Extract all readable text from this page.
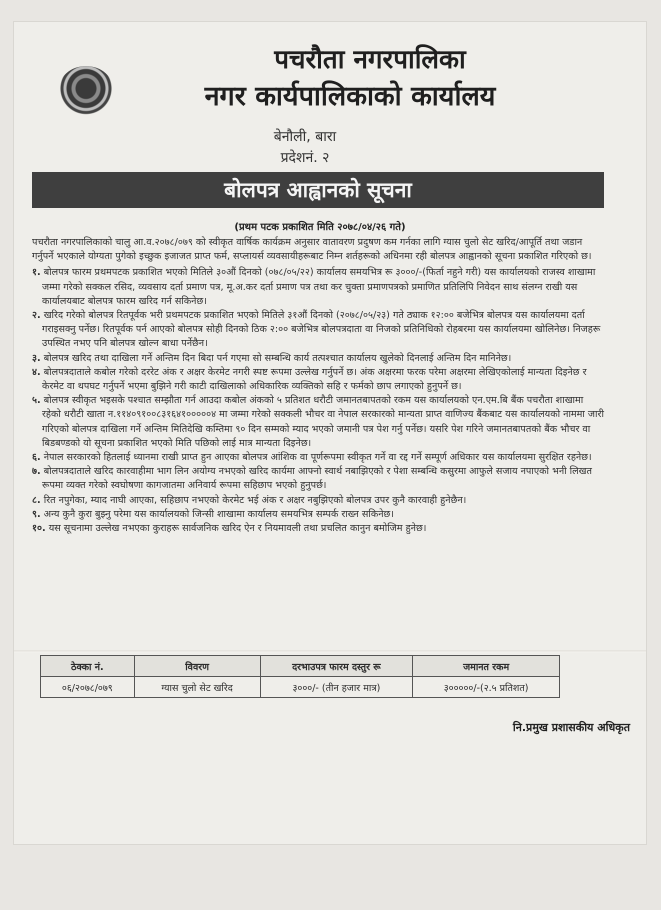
पचरौता नगरपालिका
नगर कार्यपालिकाको कार्यालय
बेनौली, बारा
प्रदेशनं. २
बोलपत्र आह्वानको सूचना
(प्रथम पटक प्रकाशित मिति २०७८/०४/२६ गते)

पचरौता नगरपालिकाको चालु आ.व.२०७८/०७९ को स्वीकृत वार्षिक कार्यक्रम अनुसार वातावरण प्रदुषण कम गर्नका लागि ग्यास चुलो सेट खरिद/आपूर्ति तथा जडान गर्नुपर्ने भएकाले योग्यता पुगेको इच्छुक इजाजत प्राप्त फर्म, सप्लायर्स व्यवसायीहरूबाट निम्न शर्तहरूको अधिनमा रही बोलपत्र आह्वानको सूचना प्रकाशित गरिएको छ।

१. बोलपत्र फारम प्रथमपटक प्रकाशित भएको मितिले ३०औं दिनको (०७८/०५/२२) कार्यालय समयभित्र रू ३०००/-(फिर्ता नहुने गरी) यस कार्यालयको राजस्व शाखामा जम्मा गरेको सक्कल रसिद, व्यवसाय दर्ता प्रमाण पत्र, मू.अ.कर दर्ता प्रमाण पत्र तथा कर चुक्ता प्रमाणपत्रको प्रमाणित प्रतिलिपि निवेदन साथ संलग्न राखी यस कार्यालयबाट बोलपत्र फारम खरिद गर्न सकिनेछ।

२. खरिद गरेको बोलपत्र रितपूर्वक भरी प्रथमपटक प्रकाशित भएको मितिले ३१औं दिनको (२०७८/०५/२३) गते ठ्याक १२:०० बजेभित्र बोलपत्र यस कार्यालयमा दर्ता गराइसक्नु पर्नेछ। रितपूर्वक पर्न आएको बोलपत्र सोही दिनको ठिक २:०० बजेभित्र बोलपत्रदाता वा निजको प्रतिनिधिको रोहबरमा यस कार्यालयमा खोलिनेछ। निजहरू उपस्थित नभए पनि बोलपत्र खोल्न बाधा पर्नेछैन।

३. बोलपत्र खरिद तथा दाखिला गर्ने अन्तिम दिन बिदा पर्न गएमा सो सम्बन्धि कार्य तत्पश्चात कार्यालय खुलेको दिनलाई अन्तिम दिन मानिनेछ।

४. बोलपत्रदाताले कबोल गरेको दररेट अंक र अक्षर केरमेट नगरी स्पष्ट रूपमा उल्लेख गर्नुपर्ने छ। अंक अक्षरमा फरक परेमा अक्षरमा लेखिएकोलाई मान्यता दिइनेछ र केरमेट वा थपघट गर्नुपर्ने भएमा बुझिने गरी काटी दाखिलाको अधिकारिक व्यक्तिको सहि र फर्मको छाप लगाएको हुनुपर्ने छ।

५. बोलपत्र स्वीकृत भइसके पश्चात सम्झौता गर्न आउदा कबोल अंकको ५ प्रतिशत धरौटी जमानतबापतको रकम यस कार्यालयको एन.एम.बि बैंक पचरौता शाखामा रहेको धरौटी खाता न.११४०९१००८३१६४१०००००४ मा जम्मा गरेको सक्कली भौचर वा नेपाल सरकारको मान्यता प्राप्त वाणिज्य बैंकबाट यस कार्यालयको नाममा जारी गरिएको बोलपत्र दाखिला गर्ने अन्तिम मितिदेखि कम्तिमा ९० दिन सम्मको म्याद भएको जमानी पत्र पेश गर्नु पर्नेछ। यसरि पेश गरिने जमानतबापतको बैंक भौचर वा बिडबण्डको यो सूचना प्रकाशित भएको मिति पछिको लाई मात्र मान्यता दिइनेछ।

६. नेपाल सरकारको हितलाई ध्यानमा राखी प्राप्त हुन आएका बोलपत्र आंशिक वा पूर्णरूपमा स्वीकृत गर्ने वा रद्द गर्ने सम्पूर्ण अधिकार यस कार्यालयमा सुरक्षित रहनेछ।

७. बोलपत्रदाताले खरिद कारवाहीमा भाग लिन अयोग्य नभएको खरिद कार्यमा आफ्नो स्वार्थ नबाझिएको र पेशा सम्बन्धि कसुरमा आफुले सजाय नपाएको भनी लिखत रूपमा व्यक्त गरेको स्वघोषणा कागजातमा अनिवार्य रूपमा सहिछाप भएको हुनुपर्छ।

८. रित नपुगेका, म्याद नाघी आएका, सहिछाप नभएको केरमेट भई अंक र अक्षर नबुझिएको बोलपत्र उपर कुनै कारवाही हुनेछैन।

९. अन्य कुनै कुरा बुझ्नु परेमा यस कार्यालयको जिन्सी शाखामा कार्यालय समयभित्र सम्पर्क राख्न सकिनेछ।

१०. यस सूचनामा उल्लेख नभएका कुराहरू सार्वजनिक खरिद ऐन र नियमावली तथा प्रचलित कानुन बमोजिम हुनेछ।

ठेक्का नं.	विवरण	दरभाउपत्र फारम दस्तुर रू	जमानत रकम
०६/२०७८/०७९	ग्यास चुलो सेट खरिद	३०००/- (तीन हजार मात्र)	३०००००/-(२.५ प्रतिशत)
नि.प्रमुख प्रशासकीय अधिकृत
